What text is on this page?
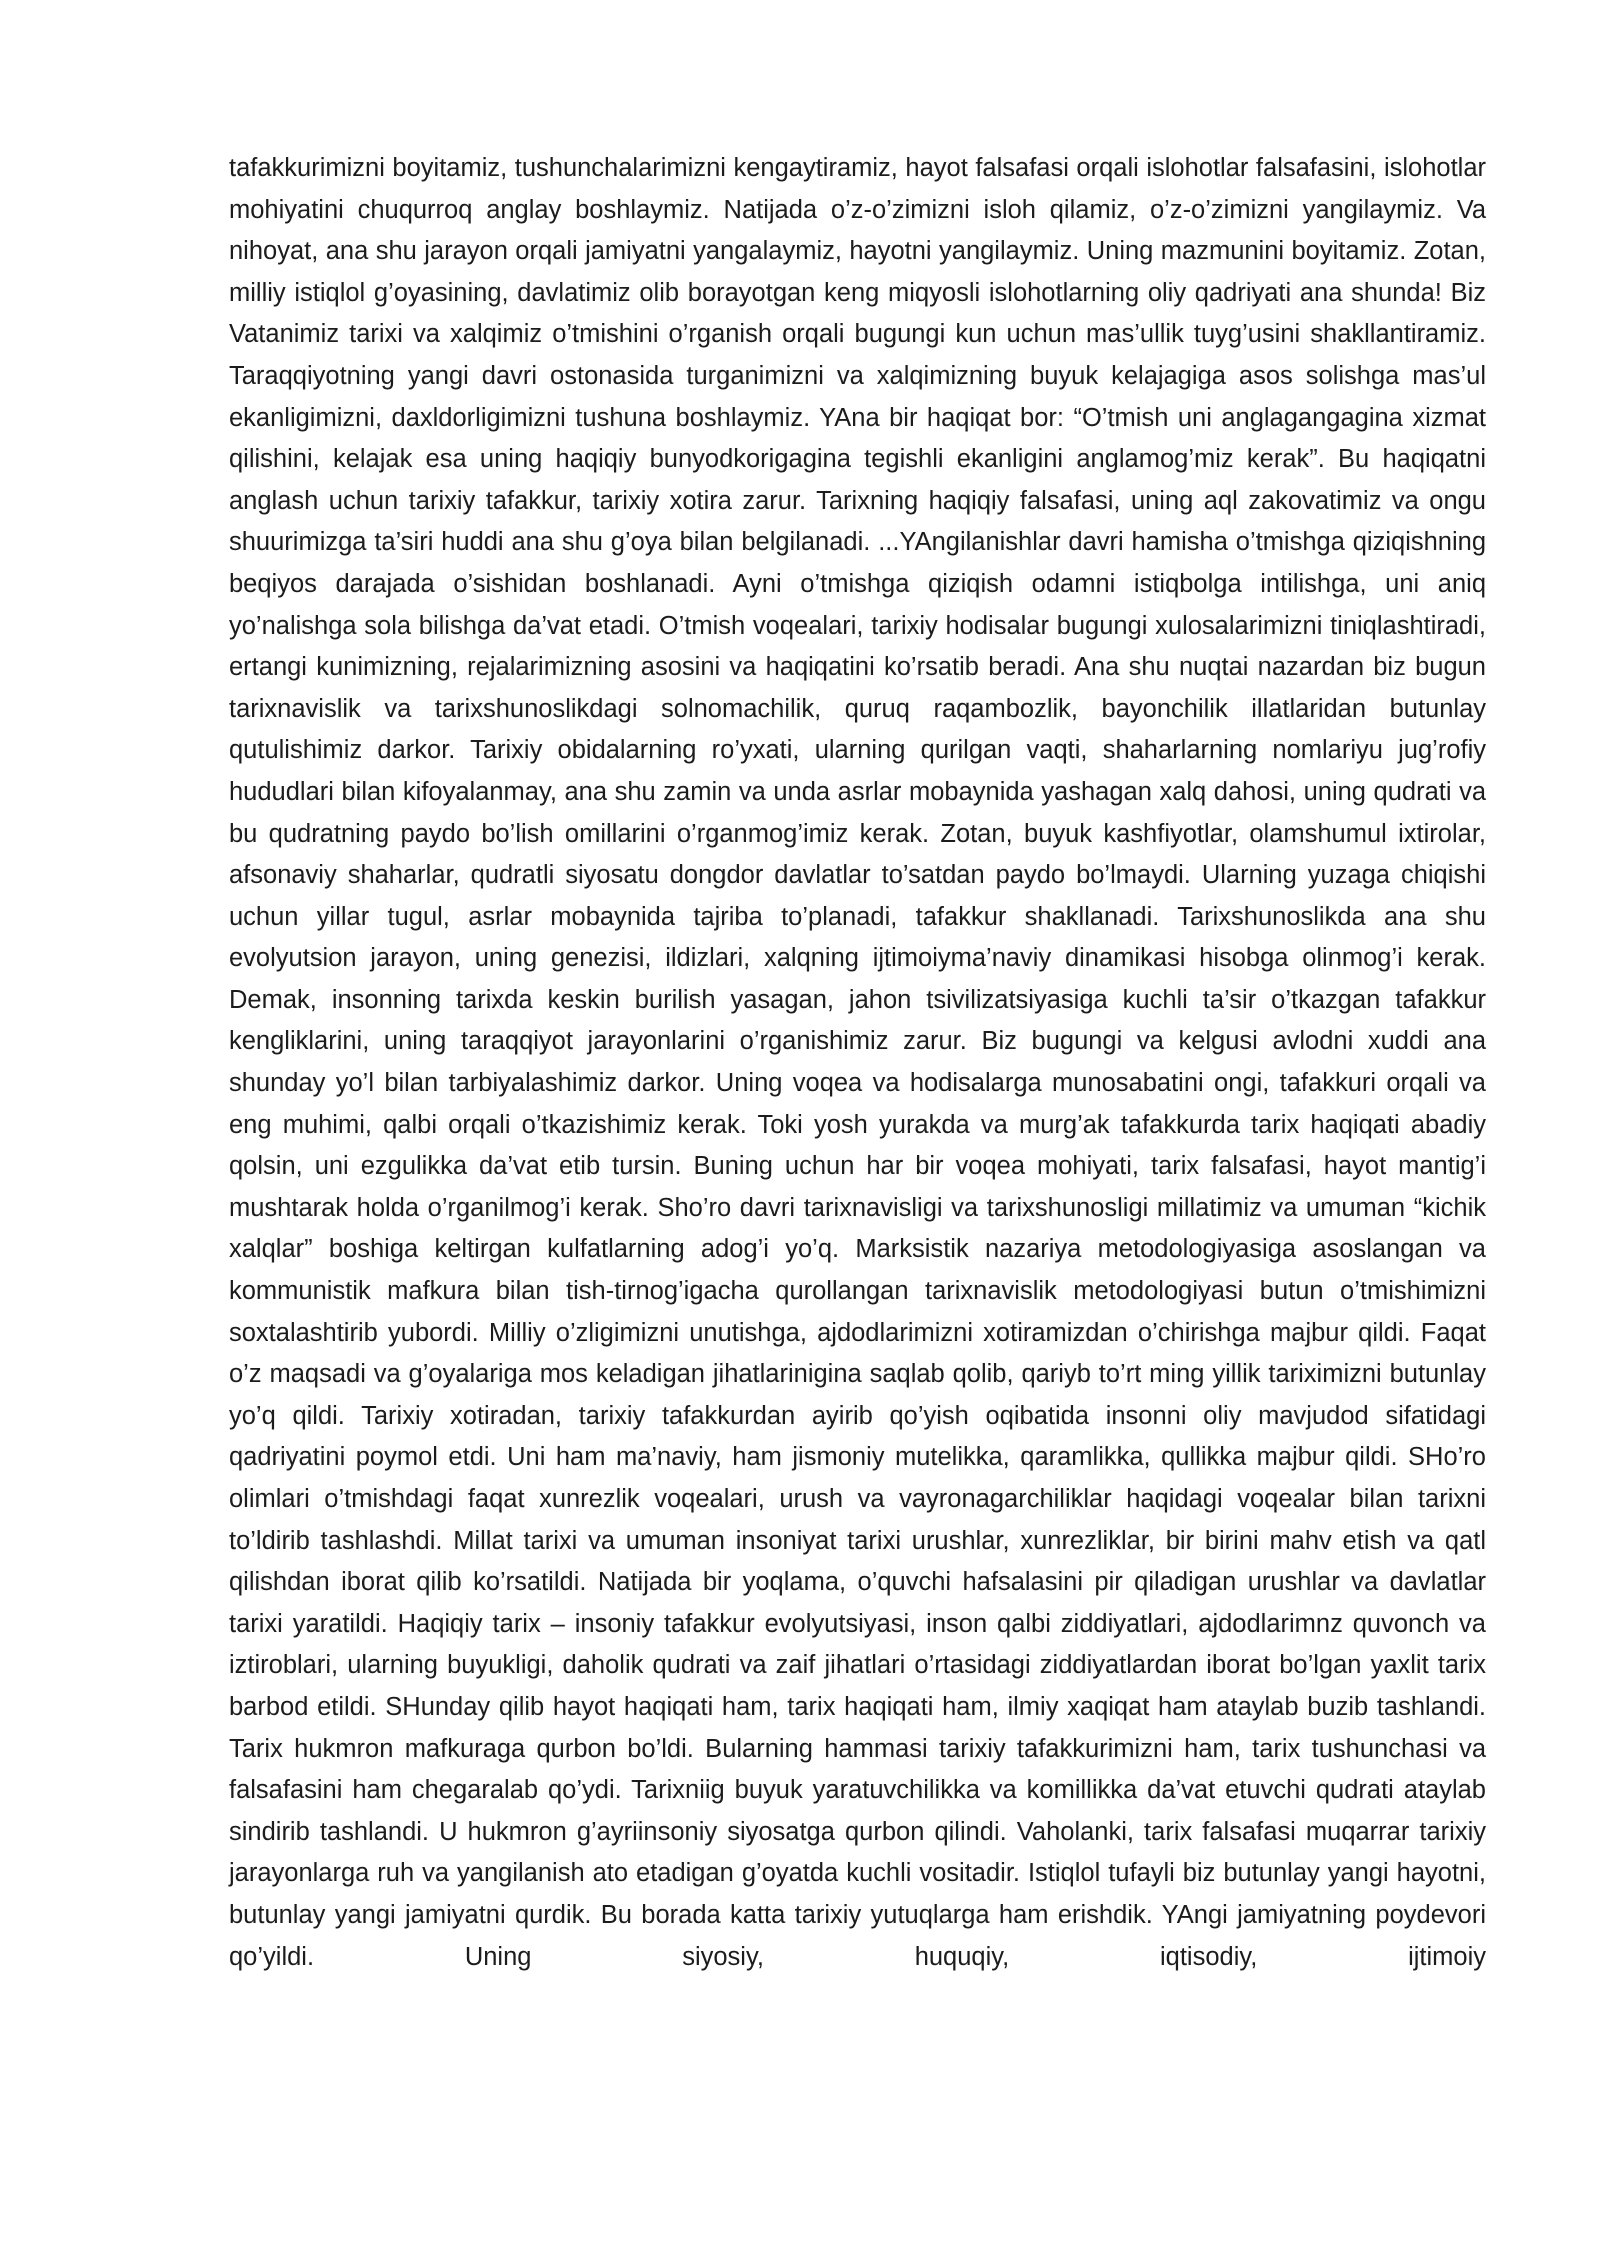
tafakkurimizni boyitamiz, tushunchalarimizni kengaytiramiz, hayot falsafasi orqali islohotlar falsafasini, islohotlar mohiyatini chuqurroq anglay boshlaymiz. Natijada o’z-o’zimizni isloh qilamiz, o’z-o’zimizni yangilaymiz. Va nihoyat, ana shu jarayon orqali jamiyatni yangalaymiz, hayotni yangilaymiz. Uning mazmunini boyitamiz. Zotan, milliy istiqlol g’oyasining, davlatimiz olib borayotgan keng miqyosli islohotlarning oliy qadriyati ana shunda! Biz Vatanimiz tarixi va xalqimiz o’tmishini o’rganish orqali bugungi kun uchun mas’ullik tuyg’usini shakllantiramiz. Taraqqiyotning yangi davri ostonasida turganimizni va xalqimizning buyuk kelajagiga asos solishga mas’ul ekanligimizni, daxldorligimizni tushuna boshlaymiz. YAna bir haqiqat bor: “O’tmish uni anglagangagina xizmat qilishini, kelajak esa uning haqiqiy bunyodkorigagina tegishli ekanligini anglamog’miz kerak”. Bu haqiqatni anglash uchun tarixiy tafakkur, tarixiy xotira zarur. Tarixning haqiqiy falsafasi, uning aql zakovatimiz va ongu shuurimizga ta’siri huddi ana shu g’oya bilan belgilanadi. ...YAngilanishlar davri hamisha o’tmishga qiziqishning beqiyos darajada o’sishidan boshlanadi. Ayni o’tmishga qiziqish odamni istiqbolga intilishga, uni aniq yo’nalishga sola bilishga da’vat etadi. O’tmish voqealari, tarixiy hodisalar bugungi xulosalarimizni tiniqlashtiradi, ertangi kunimizning, rejalarimizning asosini va haqiqatini ko’rsatib beradi. Ana shu nuqtai nazardan biz bugun tarixnavislik va tarixshunoslikdagi solnomachilik, quruq raqambozlik, bayonchilik illatlaridan butunlay qutulishimiz darkor. Tarixiy obidalarning ro’yxati, ularning qurilgan vaqti, shaharlarning nomlariyu jug’rofiy hududlari bilan kifoyalanmay, ana shu zamin va unda asrlar mobaynida yashagan xalq dahosi, uning qudrati va bu qudratning paydo bo’lish omillarini o’rganmog’imiz kerak. Zotan, buyuk kashfiyotlar, olamshumul ixtirolar, afsonaviy shaharlar, qudratli siyosatu dongdor davlatlar to’satdan paydo bo’lmaydi. Ularning yuzaga chiqishi uchun yillar tugul, asrlar mobaynida tajriba to’planadi, tafakkur shakllanadi. Tarixshunoslikda ana shu evolyutsion jarayon, uning genezisi, ildizlari, xalqning ijtimoiyma’naviy dinamikasi hisobga olinmog’i kerak. Demak, insonning tarixda keskin burilish yasagan, jahon tsivilizatsiyasiga kuchli ta’sir o’tkazgan tafakkur kengliklarini, uning taraqqiyot jarayonlarini o’rganishimiz zarur. Biz bugungi va kelgusi avlodni xuddi ana shunday yo’l bilan tarbiyalashimiz darkor. Uning voqea va hodisalarga munosabatini ongi, tafakkuri orqali va eng muhimi, qalbi orqali o’tkazishimiz kerak. Toki yosh yurakda va murg’ak tafakkurda tarix haqiqati abadiy qolsin, uni ezgulikka da’vat etib tursin. Buning uchun har bir voqea mohiyati, tarix falsafasi, hayot mantig’i mushtarak holda o’rganilmog’i kerak. Sho’ro davri tarixnavisligi va tarixshunosligi millatimiz va umuman “kichik xalqlar” boshiga keltirgan kulfatlarning adog’i yo’q. Marksistik nazariya metodologiyasiga asoslangan va kommunistik mafkura bilan tish-tirnog’igacha qurollangan tarixnavislik metodologiyasi butun o’tmishimizni soxtalashtirib yubordi. Milliy o’zligimizni unutishga, ajdodlarimizni xotiramizdan o’chirishga majbur qildi. Faqat o’z maqsadi va g’oyalariga mos keladigan jihatlarinigina saqlab qolib, qariyb to’rt ming yillik tariximizni butunlay yo’q qildi. Tarixiy xotiradan, tarixiy tafakkurdan ayirib qo’yish oqibatida insonni oliy mavjudod sifatidagi qadriyatini poymol etdi. Uni ham ma’naviy, ham jismoniy mutelikka, qaramlikka, qullikka majbur qildi. SHo’ro olimlari o’tmishdagi faqat xunrezlik voqealari, urush va vayronagarchiliklar haqidagi voqealar bilan tarixni to’ldirib tashlashdi. Millat tarixi va umuman insoniyat tarixi urushlar, xunrezliklar, bir birini mahv etish va qatl qilishdan iborat qilib ko’rsatildi. Natijada bir yoqlama, o’quvchi hafsalasini pir qiladigan urushlar va davlatlar tarixi yaratildi. Haqiqiy tarix – insoniy tafakkur evolyutsiyasi, inson qalbi ziddiyatlari, ajdodlarimnz quvonch va iztiroblari, ularning buyukligi, daholik qudrati va zaif jihatlari o’rtasidagi ziddiyatlardan iborat bo’lgan yaxlit tarix barbod etildi. SHunday qilib hayot haqiqati ham, tarix haqiqati ham, ilmiy xaqiqat ham ataylab buzib tashlandi. Tarix hukmron mafkuraga qurbon bo’ldi. Bularning hammasi tarixiy tafakkurimizni ham, tarix tushunchasi va falsafasini ham chegaralab qo’ydi. Tarixniig buyuk yaratuvchilikka va komillikka da’vat etuvchi qudrati ataylab sindirib tashlandi. U hukmron g’ayriinsoniy siyosatga qurbon qilindi. Vaholanki, tarix falsafasi muqarrar tarixiy jarayonlarga ruh va yangilanish ato etadigan g’oyatda kuchli vositadir. Istiqlol tufayli biz butunlay yangi hayotni, butunlay yangi jamiyatni qurdik. Bu borada katta tarixiy yutuqlarga ham erishdik. YAngi jamiyatning poydevori qo’yildi. Uning siyosiy, huquqiy, iqtisodiy, ijtimoiy
